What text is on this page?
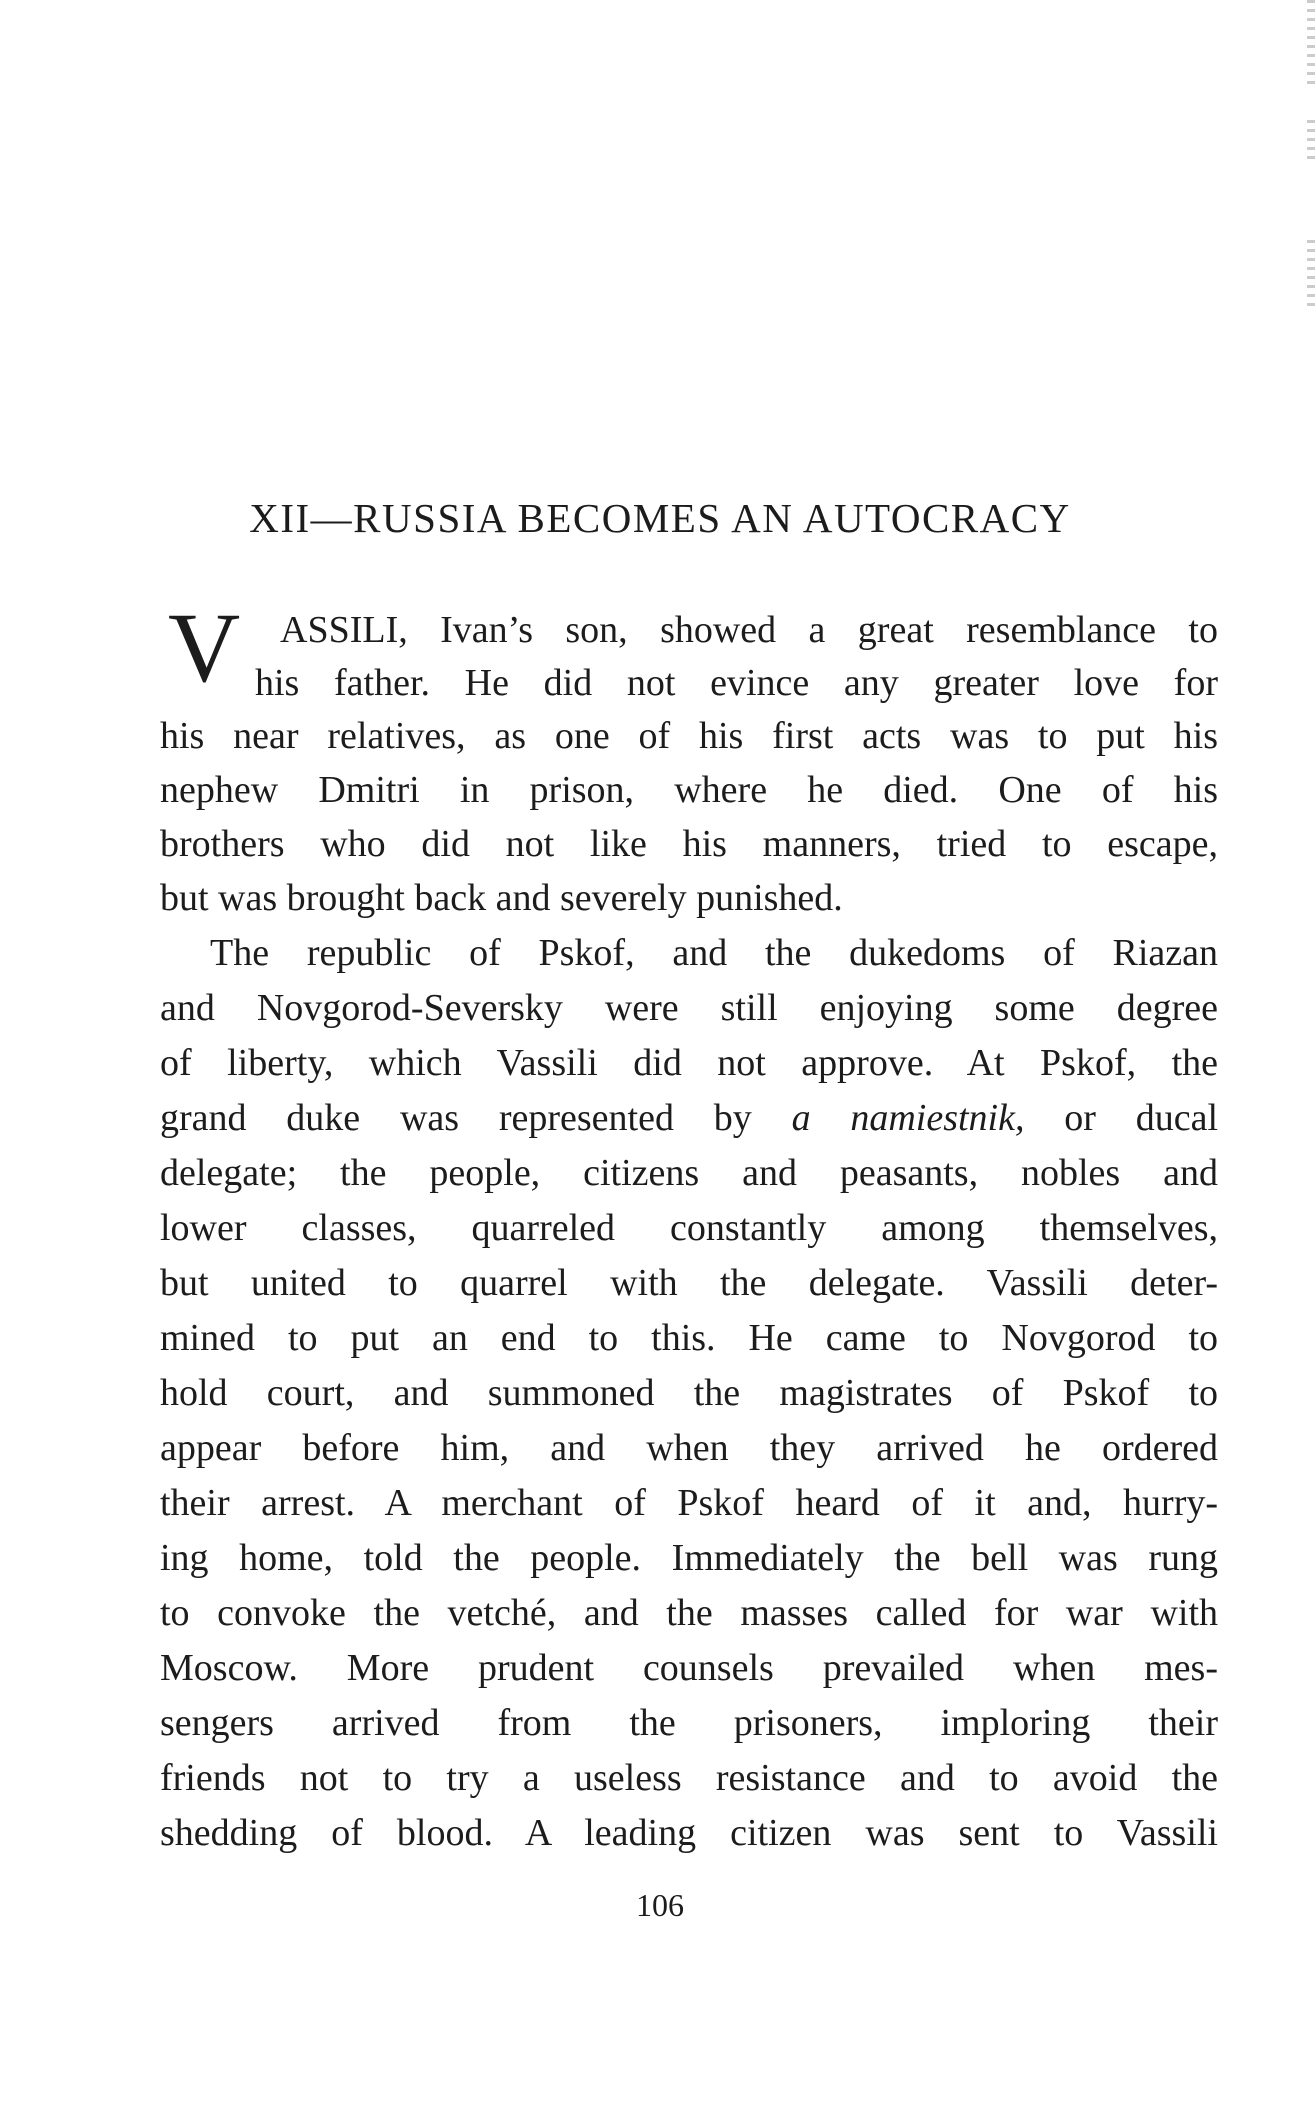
XII—RUSSIA BECOMES AN AUTOCRACY
V ASSILI, Ivan’s son, showed a great resemblance to
his father. He did not evince any greater love for
his near relatives, as one of his first acts was to put his
nephew Dmitri in prison, where he died. One of his
brothers who did not like his manners, tried to escape,
but was brought back and severely punished.
The republic of Pskof, and the dukedoms of Riazan
and Novgorod-Seversky were still enjoying some degree
of liberty, which Vassili did not approve. At Pskof, the
grand duke was represented by a namiestnik, or ducal
delegate; the people, citizens and peasants, nobles and
lower classes, quarreled constantly among themselves,
but united to quarrel with the delegate. Vassili deter-
mined to put an end to this. He came to Novgorod to
hold court, and summoned the magistrates of Pskof to
appear before him, and when they arrived he ordered
their arrest. A merchant of Pskof heard of it and, hurry-
ing home, told the people. Immediately the bell was rung
to convoke the vetché, and the masses called for war with
Moscow. More prudent counsels prevailed when mes-
sengers arrived from the prisoners, imploring their
friends not to try a useless resistance and to avoid the
shedding of blood. A leading citizen was sent to Vassili
106
